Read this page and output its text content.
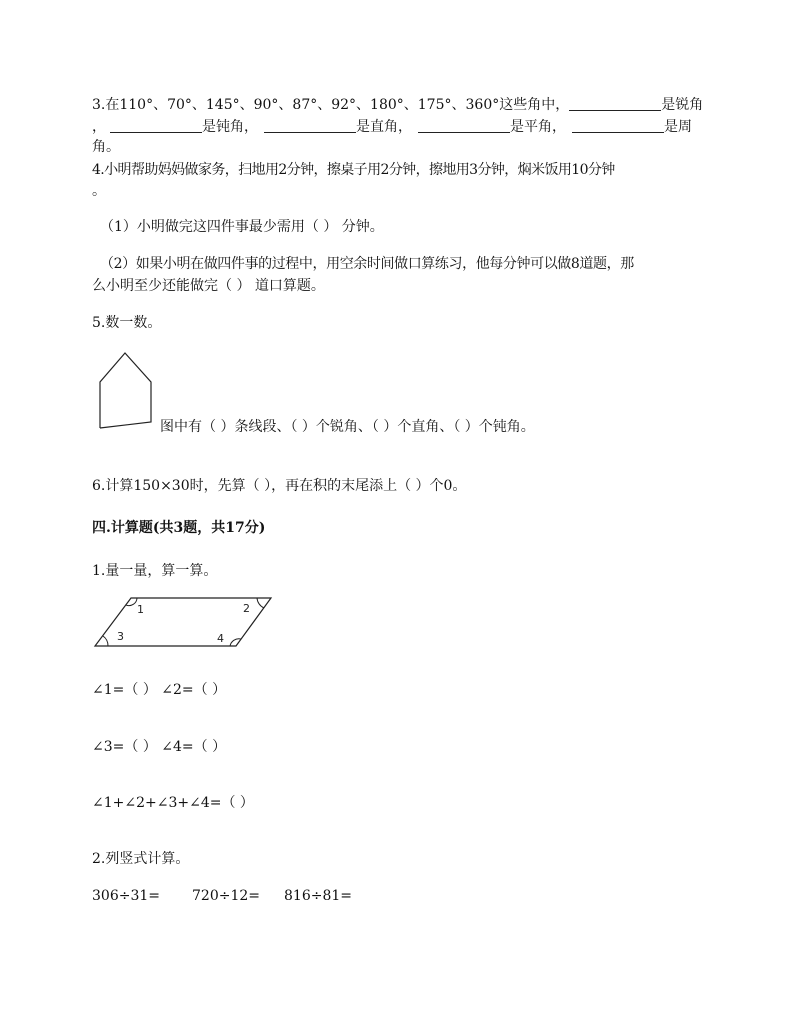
3.在110°、70°、145°、90°、87°、92°、180°、175°、360°这些角中，	是锐角
，	是钝角，	是直角，	是平角，	是周
角。
4.小明帮助妈妈做家务，扫地用2分钟，擦桌子用2分钟，擦地用3分钟，焖米饭用10分钟
。
（1）小明做完这四件事最少需用（ ） 分钟。
（2）如果小明在做四件事的过程中，用空余时间做口算练习，他每分钟可以做8道题，那
么小明至少还能做完（ ） 道口算题。
5.数一数。
图中有（ ）条线段、（ ）个锐角、（ ）个直角、（ ）个钝角。
6.计算150×30时，先算（ ），再在积的末尾添上（ ）个0。
四.计算题(共3题，共17分)
1.量一量，算一算。
1	2
3	4
∠1=（ ） ∠2=（ ）
∠3=（ ） ∠4=（ ）
∠1+∠2+∠3+∠4=（ ）
2.列竖式计算。
306÷31= 720÷12= 816÷81=
